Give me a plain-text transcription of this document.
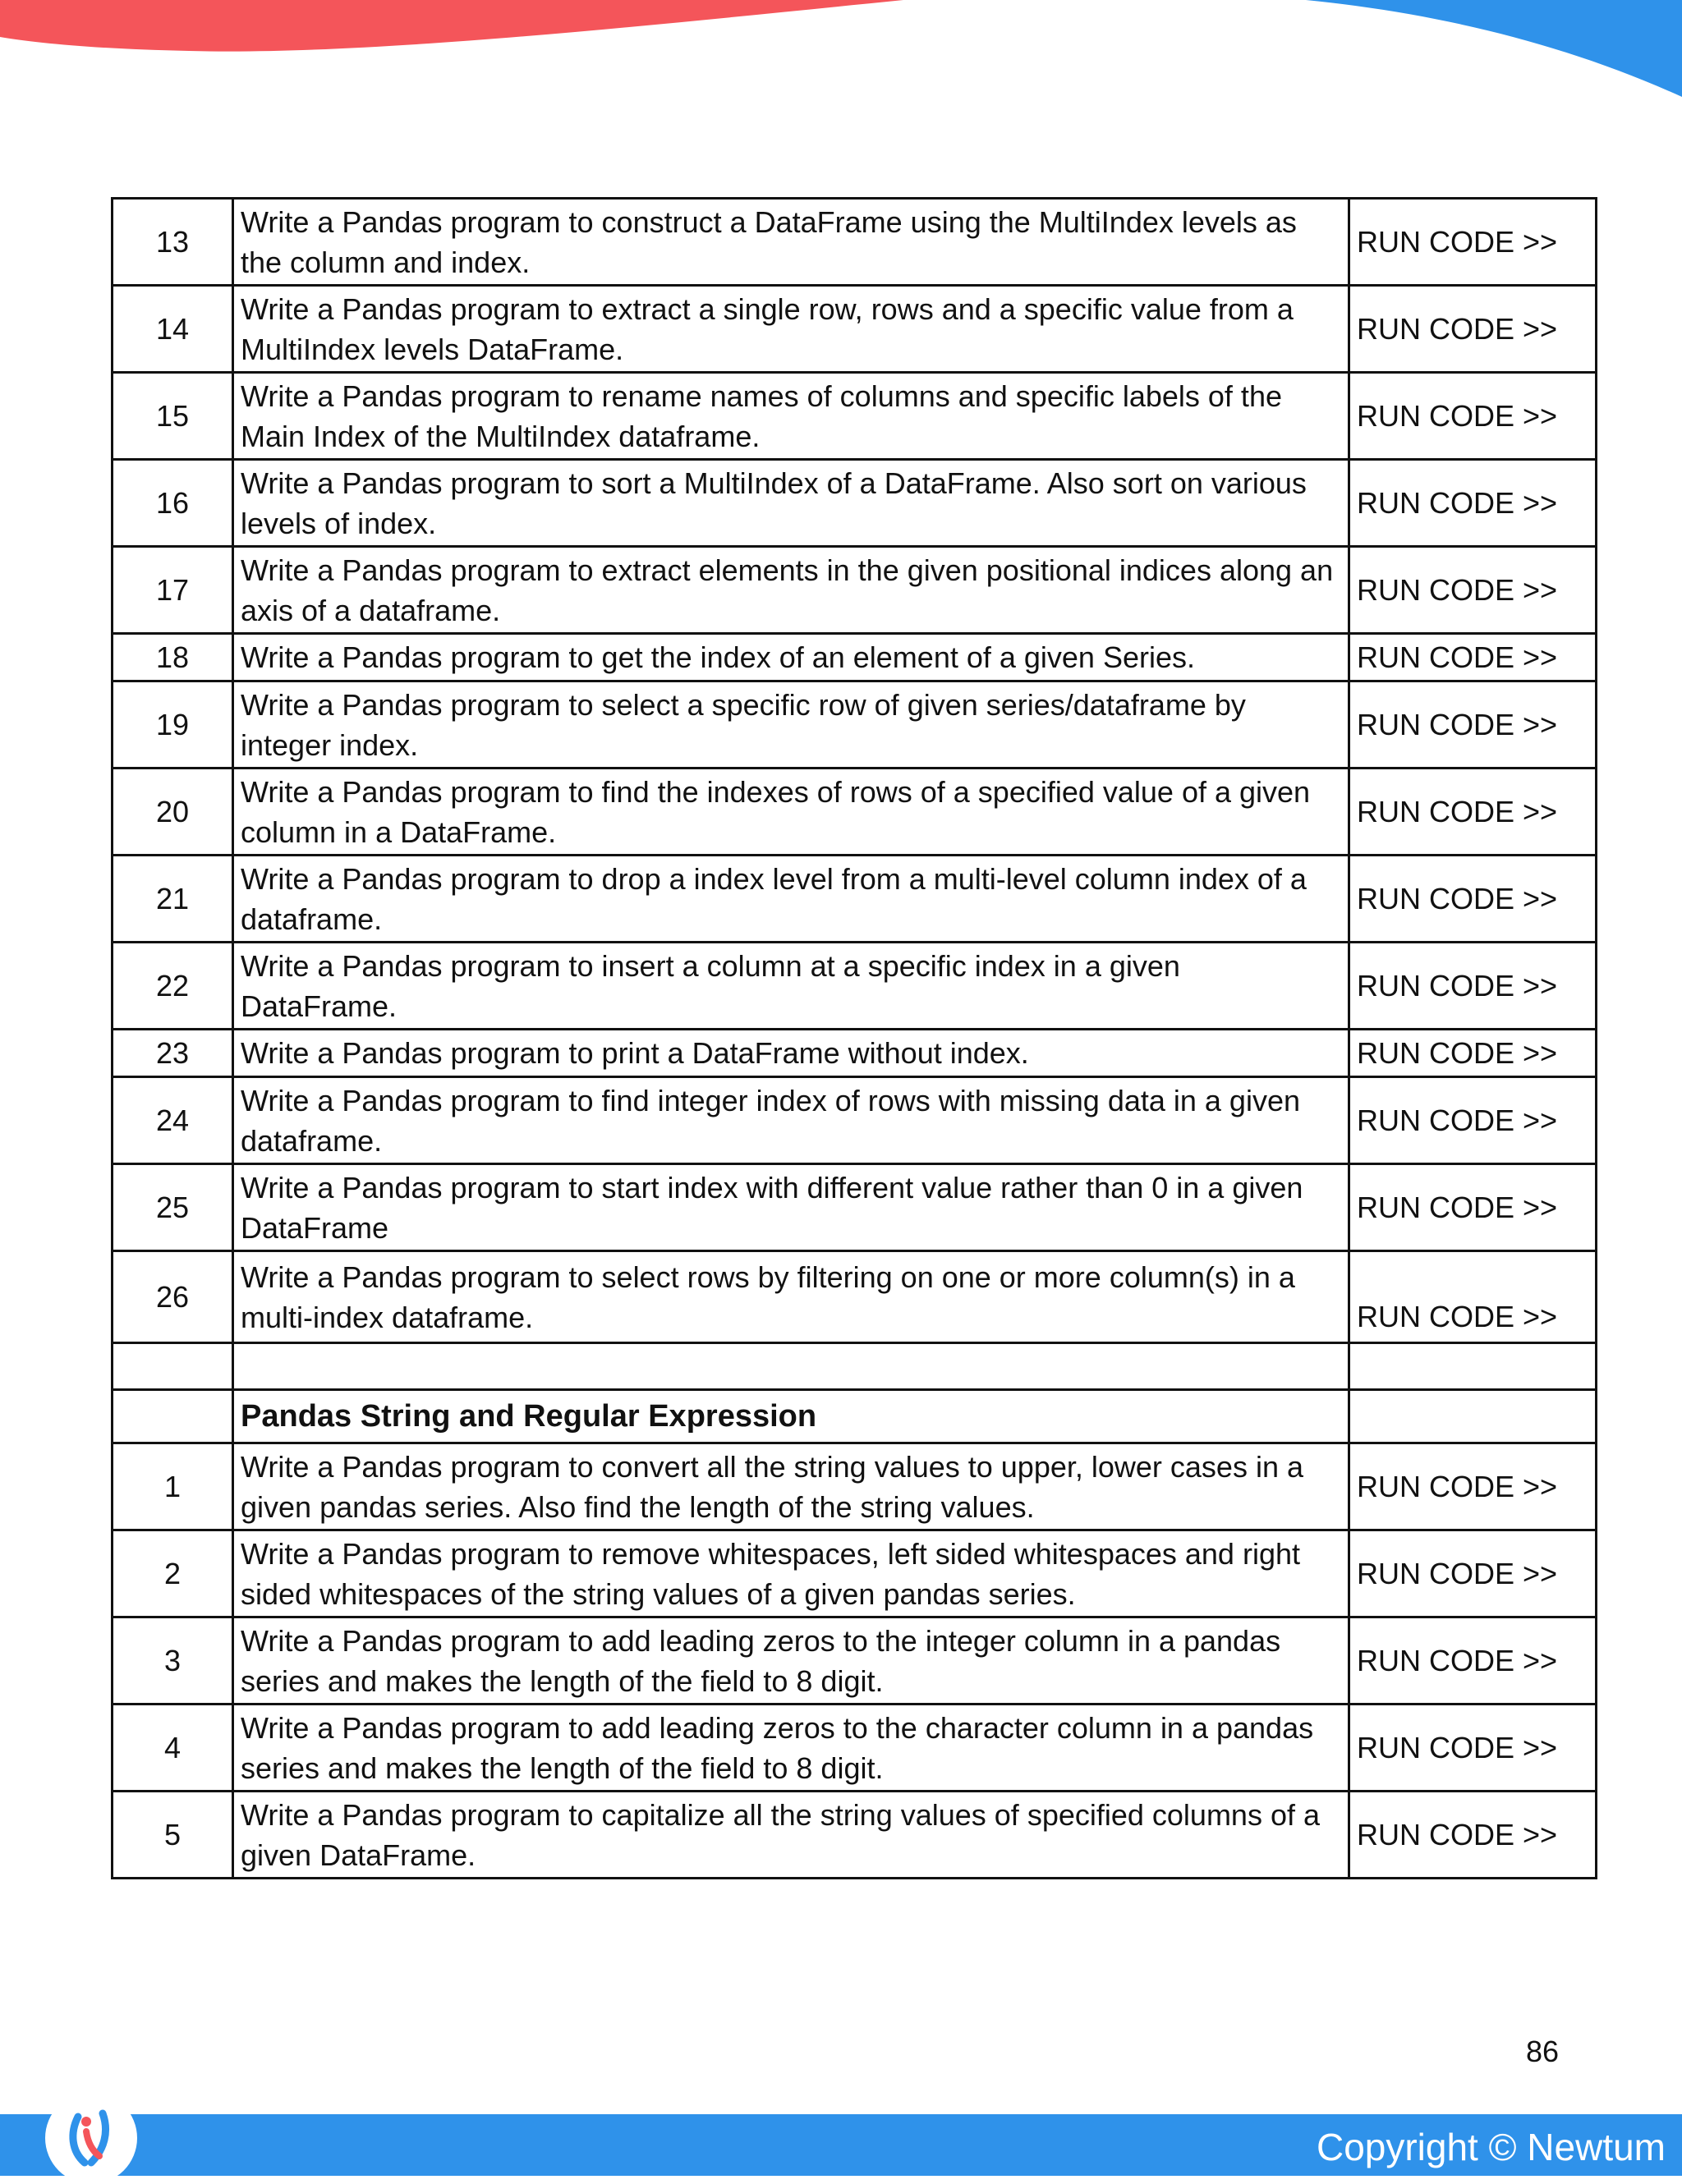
13	Write a Pandas program to construct a DataFrame using the MultiIndex levels as the column and index.	RUN CODE >>
14	Write a Pandas program to extract a single row, rows and a specific value from a MultiIndex levels DataFrame.	RUN CODE >>
15	Write a Pandas program to rename names of columns and specific labels of the Main Index of the MultiIndex dataframe.	RUN CODE >>
16	Write a Pandas program to sort a MultiIndex of a DataFrame. Also sort on various levels of index.	RUN CODE >>
17	Write a Pandas program to extract elements in the given positional indices along an axis of a dataframe.	RUN CODE >>
18	Write a Pandas program to get the index of an element of a given Series.	RUN CODE >>
19	Write a Pandas program to select a specific row of given series/dataframe by integer index.	RUN CODE >>
20	Write a Pandas program to find the indexes of rows of a specified value of a given column in a DataFrame.	RUN CODE >>
21	Write a Pandas program to drop a index level from a multi-level column index of a dataframe.	RUN CODE >>
22	Write a Pandas program to insert a column at a specific index in a given DataFrame.	RUN CODE >>
23	Write a Pandas program to print a DataFrame without index.	RUN CODE >>
24	Write a Pandas program to find integer index of rows with missing data in a given dataframe.	RUN CODE >>
25	Write a Pandas program to start index with different value rather than 0 in a given DataFrame	RUN CODE >>
26	Write a Pandas program to select rows by filtering on one or more column(s) in a multi-index dataframe.	RUN CODE >>

	Pandas String and Regular Expression	
1	Write a Pandas program to convert all the string values to upper, lower cases in a given pandas series. Also find the length of the string values.	RUN CODE >>
2	Write a Pandas program to remove whitespaces, left sided whitespaces and right sided whitespaces of the string values of a given pandas series.	RUN CODE >>
3	Write a Pandas program to add leading zeros to the integer column in a pandas series and makes the length of the field to 8 digit.	RUN CODE >>
4	Write a Pandas program to add leading zeros to the character column in a pandas series and makes the length of the field to 8 digit.	RUN CODE >>
5	Write a Pandas program to capitalize all the string values of specified columns of a given DataFrame.	RUN CODE >>
86
Copyright © Newtum
